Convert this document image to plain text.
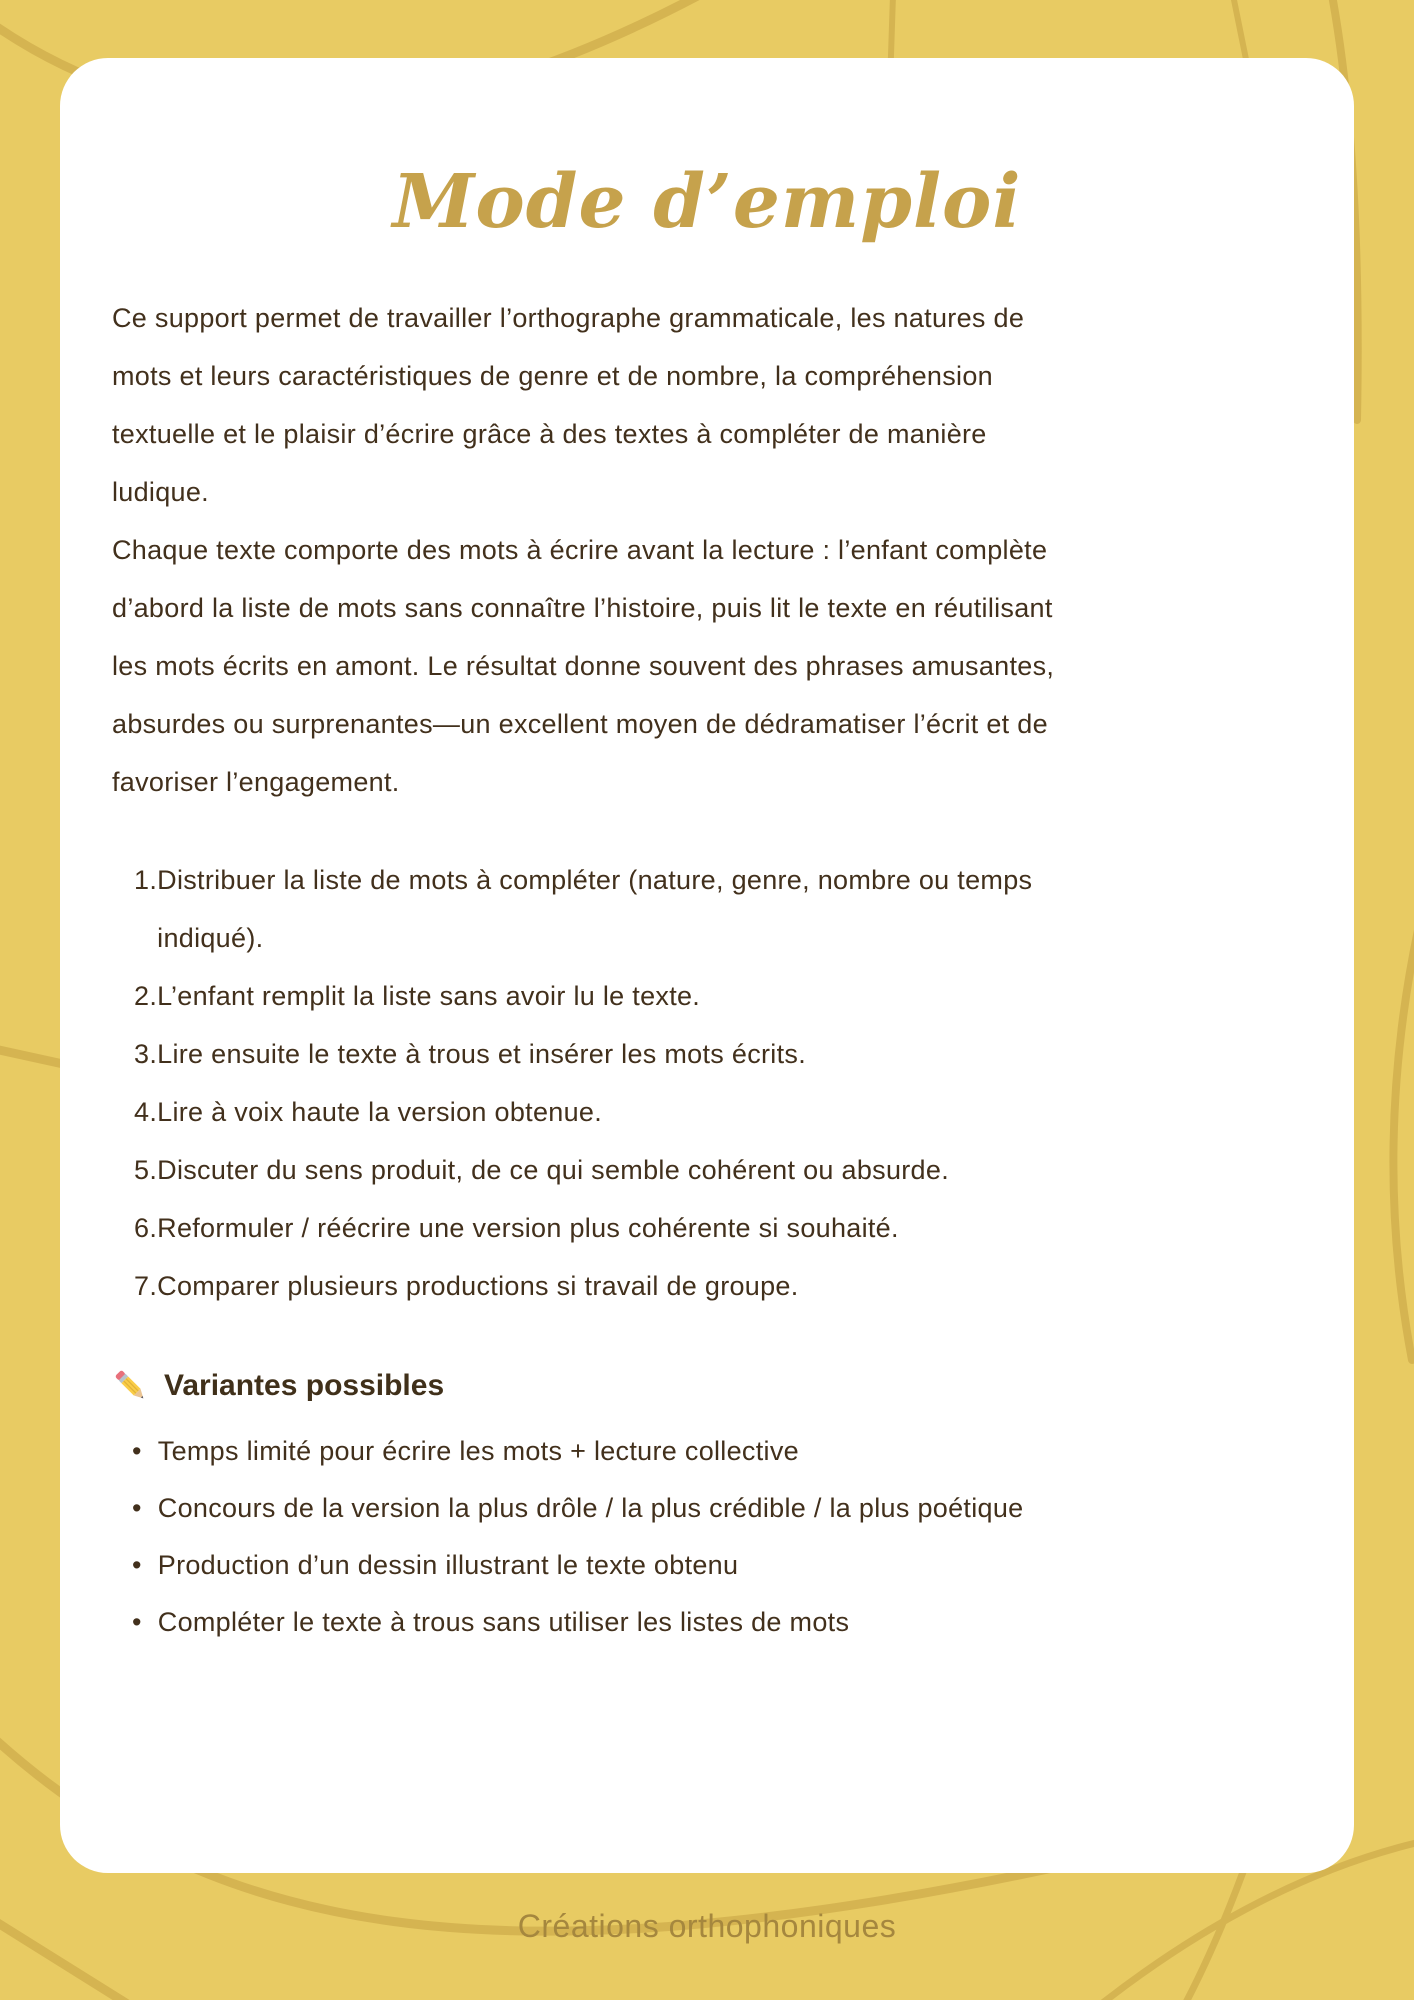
Mode d’emploi

Ce support permet de travailler l’orthographe grammaticale, les natures de mots et leurs caractéristiques de genre et de nombre, la compréhension textuelle et le plaisir d’écrire grâce à des textes à compléter de manière ludique.

Chaque texte comporte des mots à écrire avant la lecture : l’enfant complète d’abord la liste de mots sans connaître l’histoire, puis lit le texte en réutilisant les mots écrits en amont. Le résultat donne souvent des phrases amusantes, absurdes ou surprenantes—un excellent moyen de dédramatiser l’écrit et de favoriser l’engagement.

Distribuer la liste de mots à compléter (nature, genre, nombre ou temps indiqué).
L’enfant remplit la liste sans avoir lu le texte.
Lire ensuite le texte à trous et insérer les mots écrits.
Lire à voix haute la version obtenue.
Discuter du sens produit, de ce qui semble cohérent ou absurde.
Reformuler / réécrire une version plus cohérente si souhaité.
Comparer plusieurs productions si travail de groupe.
Variantes possibles
• Temps limité pour écrire les mots + lecture collective
• Concours de la version la plus drôle / la plus crédible / la plus poétique
• Production d’un dessin illustrant le texte obtenu
• Compléter le texte à trous sans utiliser les listes de mots
Créations orthophoniques
